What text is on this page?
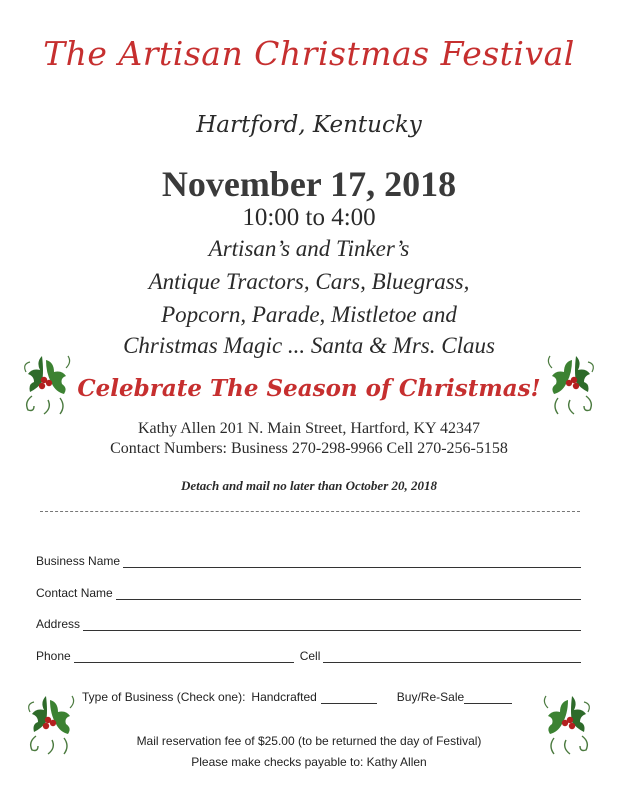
The Artisan Christmas Festival
Hartford, Kentucky
November 17, 2018
10:00 to 4:00
Artisan’s and Tinker’s
Antique Tractors, Cars, Bluegrass,
Popcorn, Parade, Mistletoe and
Christmas Magic ... Santa & Mrs. Claus
Celebrate The Season of Christmas!
Kathy Allen 201 N. Main Street, Hartford, KY 42347
Contact Numbers: Business 270-298-9966 Cell 270-256-5158
Detach and mail no later than October 20, 2018
Business Name
Contact Name
Address
Phone	Cell
Type of Business (Check one): Handcrafted	Buy/Re-Sale
Mail reservation fee of $25.00 (to be returned the day of Festival)
Please make checks payable to: Kathy Allen
